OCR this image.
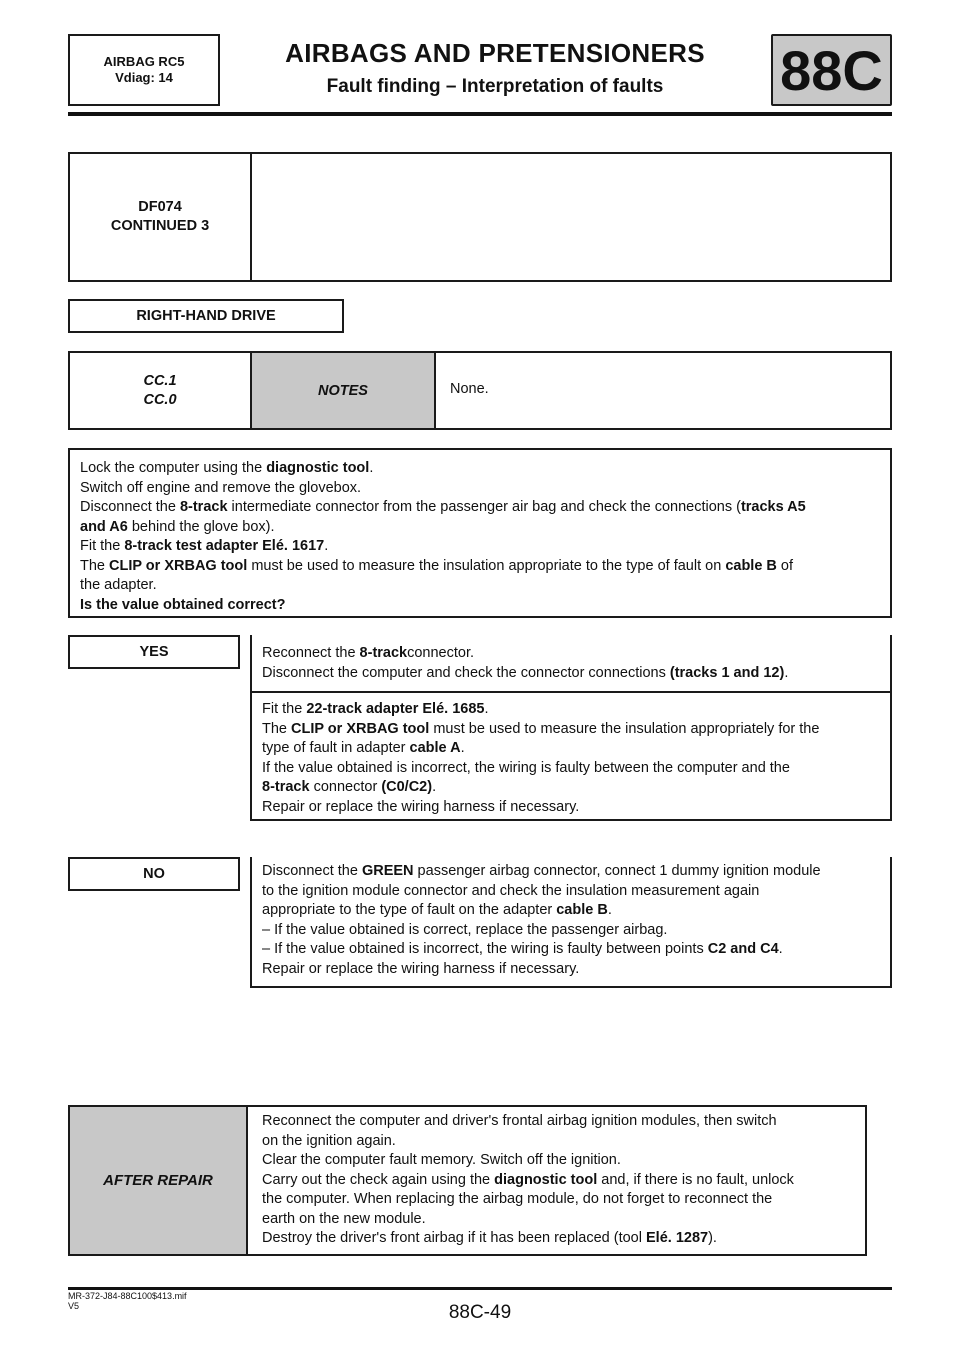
AIRBAG RC5
Vdiag: 14
AIRBAGS AND PRETENSIONERS
Fault finding – Interpretation of faults	88C
DF074
CONTINUED 3
RIGHT-HAND DRIVE
CC.1
CC.0
NOTES	None.
Lock the computer using the diagnostic tool.
Switch off engine and remove the glovebox.
Disconnect the 8-track intermediate connector from the passenger air bag and check the connections (tracks A5
and A6 behind the glove box).
Fit the 8-track test adapter Elé. 1617.
The CLIP or XRBAG tool must be used to measure the insulation appropriate to the type of fault on cable B of
the adapter.
Is the value obtained correct?
YES	Reconnect the 8-trackconnector.
Disconnect the computer and check the connector connections (tracks 1 and 12).
Fit the 22-track adapter Elé. 1685.
The CLIP or XRBAG tool must be used to measure the insulation appropriately for the
type of fault in adapter cable A.
If the value obtained is incorrect, the wiring is faulty between the computer and the
8-track connector (C0/C2).
Repair or replace the wiring harness if necessary.
NO	Disconnect the GREEN passenger airbag connector, connect 1 dummy ignition module
to the ignition module connector and check the insulation measurement again
appropriate to the type of fault on the adapter cable B.
– If the value obtained is correct, replace the passenger airbag.
– If the value obtained is incorrect, the wiring is faulty between points C2 and C4.
Repair or replace the wiring harness if necessary.
AFTER REPAIR
Reconnect the computer and driver's frontal airbag ignition modules, then switch
on the ignition again.
Clear the computer fault memory. Switch off the ignition.
Carry out the check again using the diagnostic tool and, if there is no fault, unlock
the computer. When replacing the airbag module, do not forget to reconnect the
earth on the new module.
Destroy the driver's front airbag if it has been replaced (tool Elé. 1287).
MR-372-J84-88C100$413.mif
V5	88C-49
